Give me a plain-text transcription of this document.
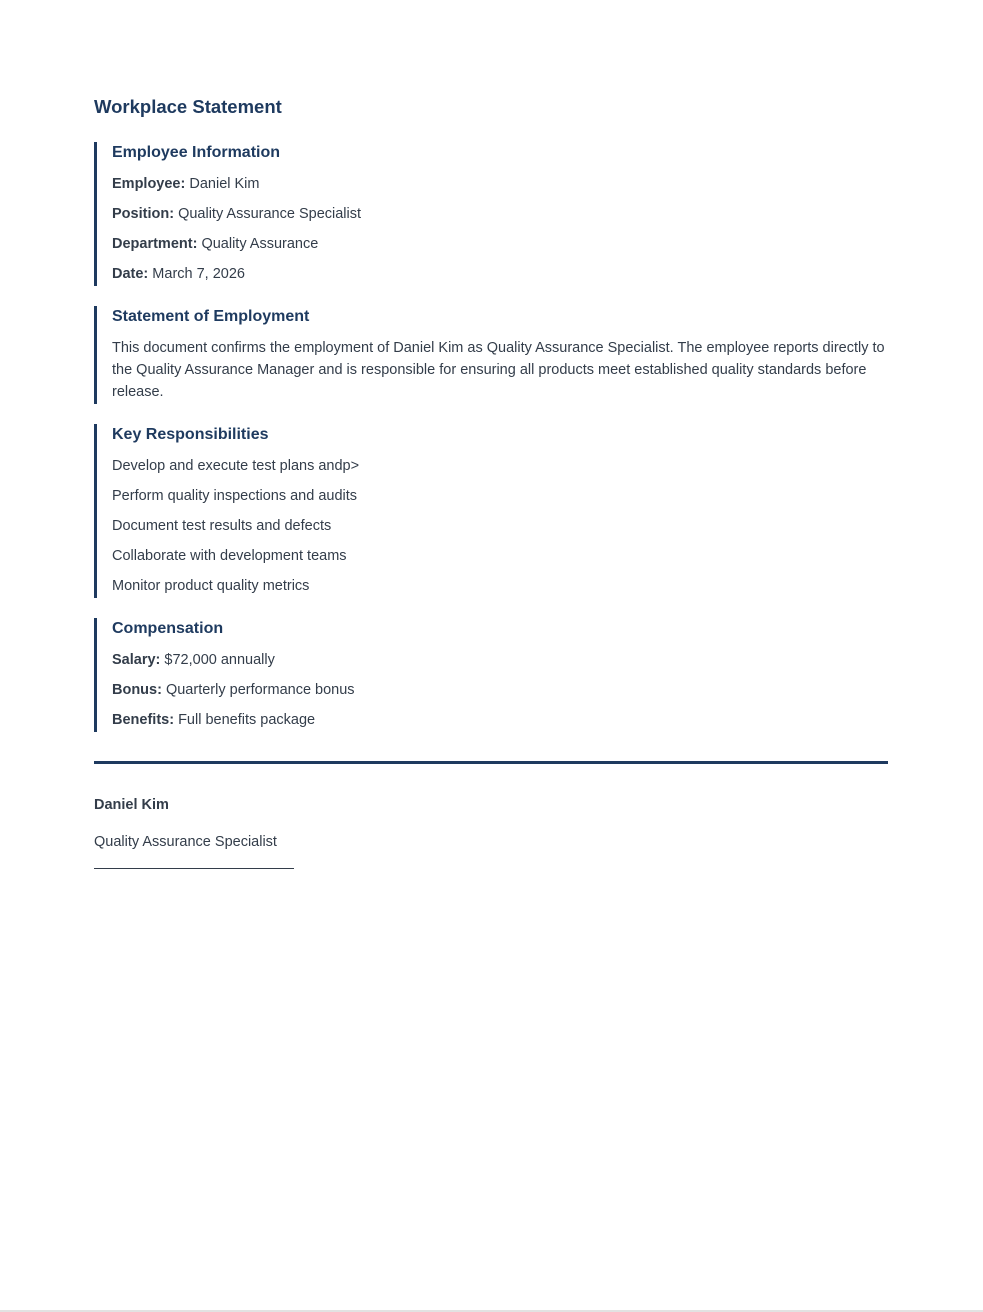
Workplace Statement
Employee Information
Employee: Daniel Kim
Position: Quality Assurance Specialist
Department: Quality Assurance
Date: March 7, 2026
Statement of Employment
This document confirms the employment of Daniel Kim as Quality Assurance Specialist. The employee reports directly to the Quality Assurance Manager and is responsible for ensuring all products meet established quality standards before release.
Key Responsibilities
Develop and execute test plans andp>
Perform quality inspections and audits
Document test results and defects
Collaborate with development teams
Monitor product quality metrics
Compensation
Salary: $72,000 annually
Bonus: Quarterly performance bonus
Benefits: Full benefits package
Daniel Kim
Quality Assurance Specialist
